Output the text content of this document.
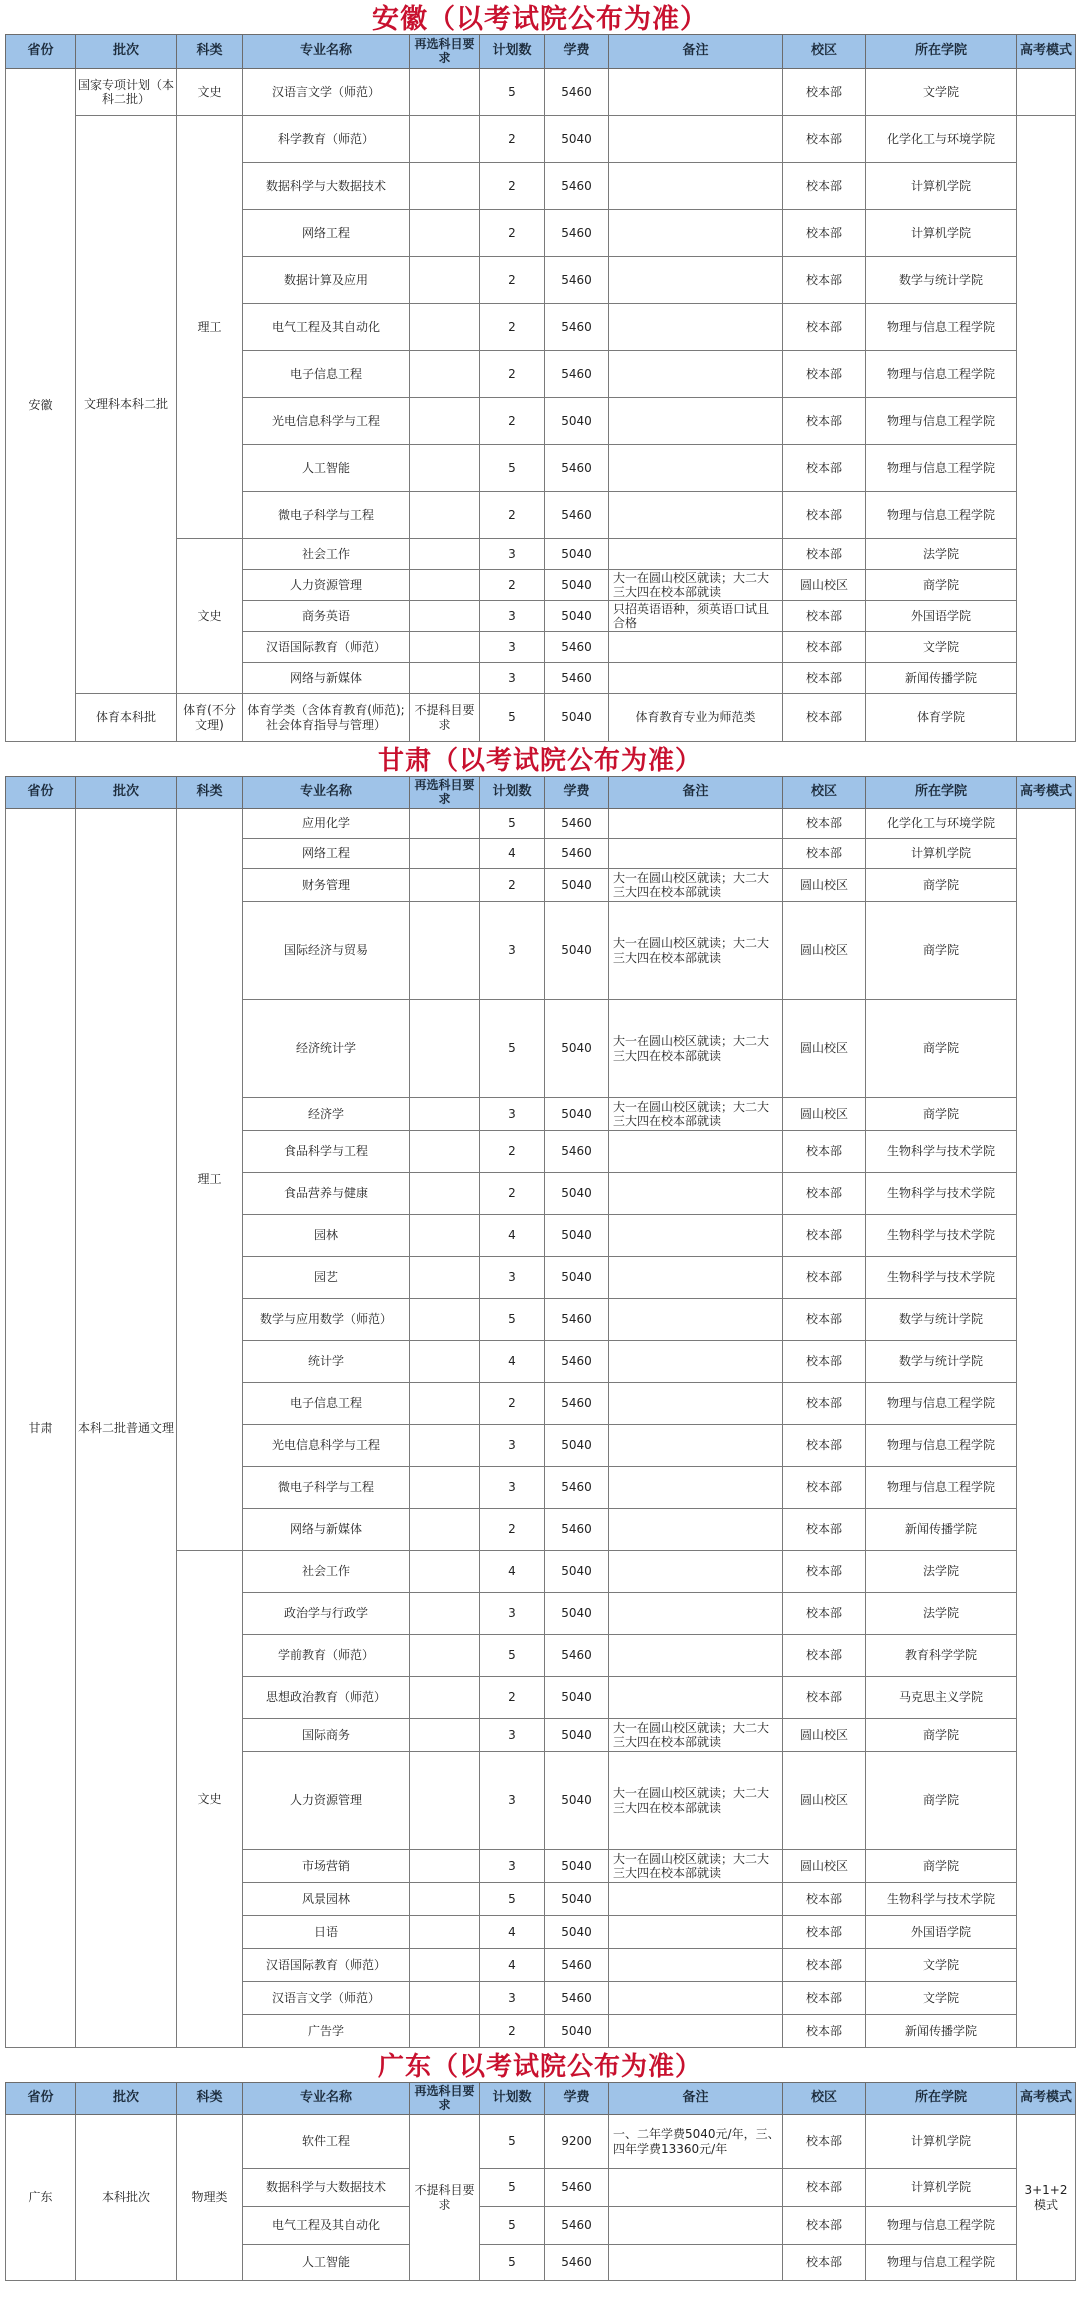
安徽（以考试院公布为准）
省份	批次	科类	专业名称	再选科目要求	计划数	学费	备注	校区	所在学院	高考模式
安徽	国家专项计划（本科二批）	文史	汉语言文学（师范）		5	5460		校本部	文学院	
	文理科本科二批	理工	科学教育（师范）		2	5040		校本部	化学化工与环境学院	
			数据科学与大数据技术		2	5460		校本部	计算机学院	
			网络工程		2	5460		校本部	计算机学院	
			数据计算及应用		2	5460		校本部	数学与统计学院	
			电气工程及其自动化		2	5460		校本部	物理与信息工程学院	
			电子信息工程		2	5460		校本部	物理与信息工程学院	
			光电信息科学与工程		2	5040		校本部	物理与信息工程学院	
			人工智能		5	5460		校本部	物理与信息工程学院	
			微电子科学与工程		2	5460		校本部	物理与信息工程学院	
		文史	社会工作		3	5040		校本部	法学院	
			人力资源管理		2	5040	大一在圆山校区就读；大二大三大四在校本部就读	圆山校区	商学院	
			商务英语		3	5040	只招英语语种，须英语口试且合格	校本部	外国语学院	
			汉语国际教育（师范）		3	5460		校本部	文学院	
			网络与新媒体		3	5460		校本部	新闻传播学院	
	体育本科批	体育(不分文理)	体育学类（含体育教育(师范);社会体育指导与管理）	不提科目要求	5	5040	体育教育专业为师范类	校本部	体育学院	
甘肃（以考试院公布为准）
省份	批次	科类	专业名称	再选科目要求	计划数	学费	备注	校区	所在学院	高考模式
甘肃	本科二批普通文理	理工	应用化学		5	5460		校本部	化学化工与环境学院	
			网络工程		4	5460		校本部	计算机学院	
			财务管理		2	5040	大一在圆山校区就读；大二大三大四在校本部就读	圆山校区	商学院	
			国际经济与贸易		3	5040	大一在圆山校区就读；大二大三大四在校本部就读	圆山校区	商学院	
			经济统计学		5	5040	大一在圆山校区就读；大二大三大四在校本部就读	圆山校区	商学院	
			经济学		3	5040	大一在圆山校区就读；大二大三大四在校本部就读	圆山校区	商学院	
			食品科学与工程		2	5460		校本部	生物科学与技术学院	
			食品营养与健康		2	5040		校本部	生物科学与技术学院	
			园林		4	5040		校本部	生物科学与技术学院	
			园艺		3	5040		校本部	生物科学与技术学院	
			数学与应用数学（师范）		5	5460		校本部	数学与统计学院	
			统计学		4	5460		校本部	数学与统计学院	
			电子信息工程		2	5460		校本部	物理与信息工程学院	
			光电信息科学与工程		3	5040		校本部	物理与信息工程学院	
			微电子科学与工程		3	5460		校本部	物理与信息工程学院	
			网络与新媒体		2	5460		校本部	新闻传播学院	
		文史	社会工作		4	5040		校本部	法学院	
			政治学与行政学		3	5040		校本部	法学院	
			学前教育（师范）		5	5460		校本部	教育科学学院	
			思想政治教育（师范）		2	5040		校本部	马克思主义学院	
			国际商务		3	5040	大一在圆山校区就读；大二大三大四在校本部就读	圆山校区	商学院	
			人力资源管理		3	5040	大一在圆山校区就读；大二大三大四在校本部就读	圆山校区	商学院	
			市场营销		3	5040	大一在圆山校区就读；大二大三大四在校本部就读	圆山校区	商学院	
			风景园林		5	5040		校本部	生物科学与技术学院	
			日语		4	5040		校本部	外国语学院	
			汉语国际教育（师范）		4	5460		校本部	文学院	
			汉语言文学（师范）		3	5460		校本部	文学院	
			广告学		2	5040		校本部	新闻传播学院	
广东（以考试院公布为准）
省份	批次	科类	专业名称	再选科目要求	计划数	学费	备注	校区	所在学院	高考模式
广东	本科批次	物理类	软件工程	不提科目要求	5	9200	一、二年学费5040元/年，三、四年学费13360元/年	校本部	计算机学院	3+1+2模式
			数据科学与大数据技术		5	5460		校本部	计算机学院	
			电气工程及其自动化		5	5460		校本部	物理与信息工程学院	
			人工智能		5	5460		校本部	物理与信息工程学院	
